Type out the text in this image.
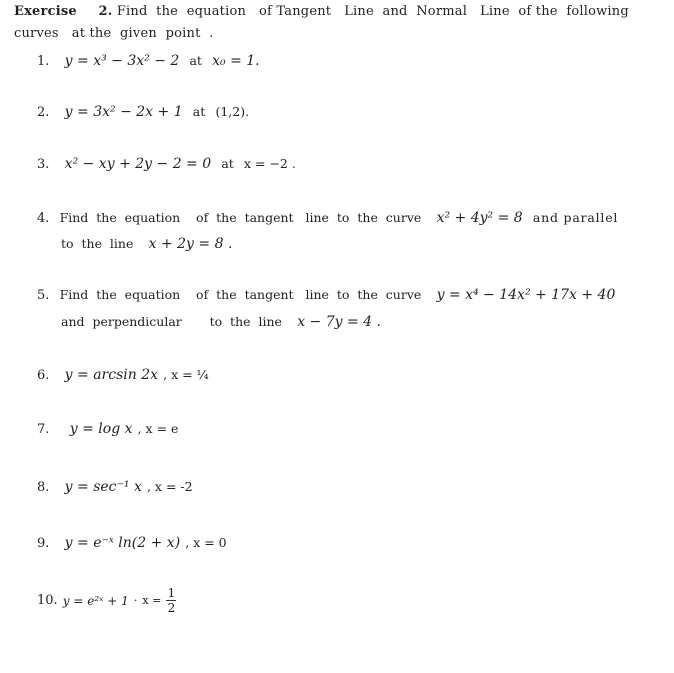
Exercise 2. Find  the  equation   of Tangent   Line  and  Normal   Line  of the  following
curves   at the  given  point  .
1. y = x³ − 3x² − 2 at x₀ = 1.
2. y = 3x² − 2x + 1 at (1,2).
3. x² − xy + 2y − 2 = 0 at x = −2 .
4. Find  the  equation    of  the  tangent   line  to  the  curve x² + 4y² = 8 and parallel
to  the  line x + 2y = 8 .
5. Find  the  equation    of  the  tangent   line  to  the  curve y = x⁴ − 14x² + 17x + 40
and  perpendicular       to  the  line x − 7y = 4 .
6. y = arcsin 2x , x = ¼
7. y = log x , x = e
8. y = sec⁻¹ x , x = -2
9. y = e⁻ˣ ln(2 + x) , x = 0
10.
y = e²ˣ + 1
·
x =
$\frac{1}{2}$
